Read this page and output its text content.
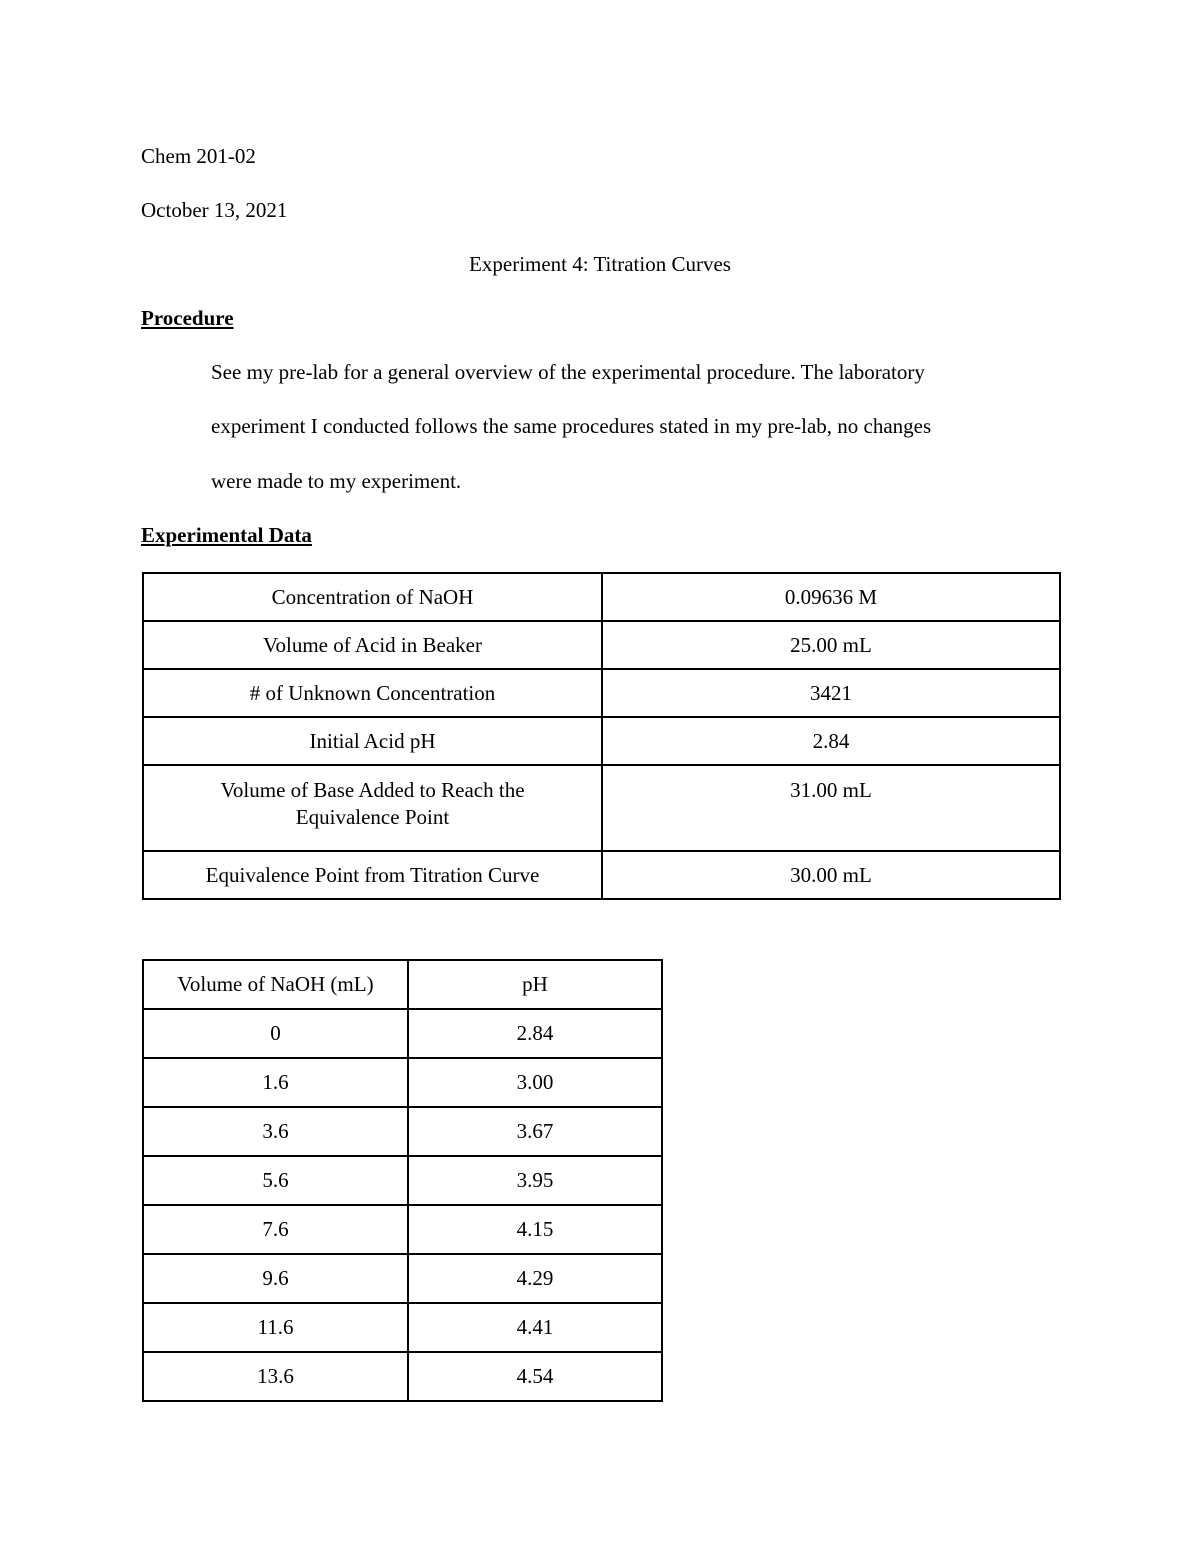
Chem 201-02
October 13, 2021
Experiment 4: Titration Curves
Procedure
See my pre-lab for a general overview of the experimental procedure. The laboratory
experiment I conducted follows the same procedures stated in my pre-lab, no changes
were made to my experiment.
Experimental Data
Concentration of NaOH	0.09636 M
Volume of Acid in Beaker	25.00 mL
# of Unknown Concentration	3421
Initial Acid pH	2.84

Volume of Base Added to Reach the Equivalence Point	31.00 mL
Equivalence Point from Titration Curve	30.00 mL
Volume of NaOH (mL)	pH
0	2.84
1.6	3.00
3.6	3.67
5.6	3.95
7.6	4.15
9.6	4.29
11.6	4.41
13.6	4.54
